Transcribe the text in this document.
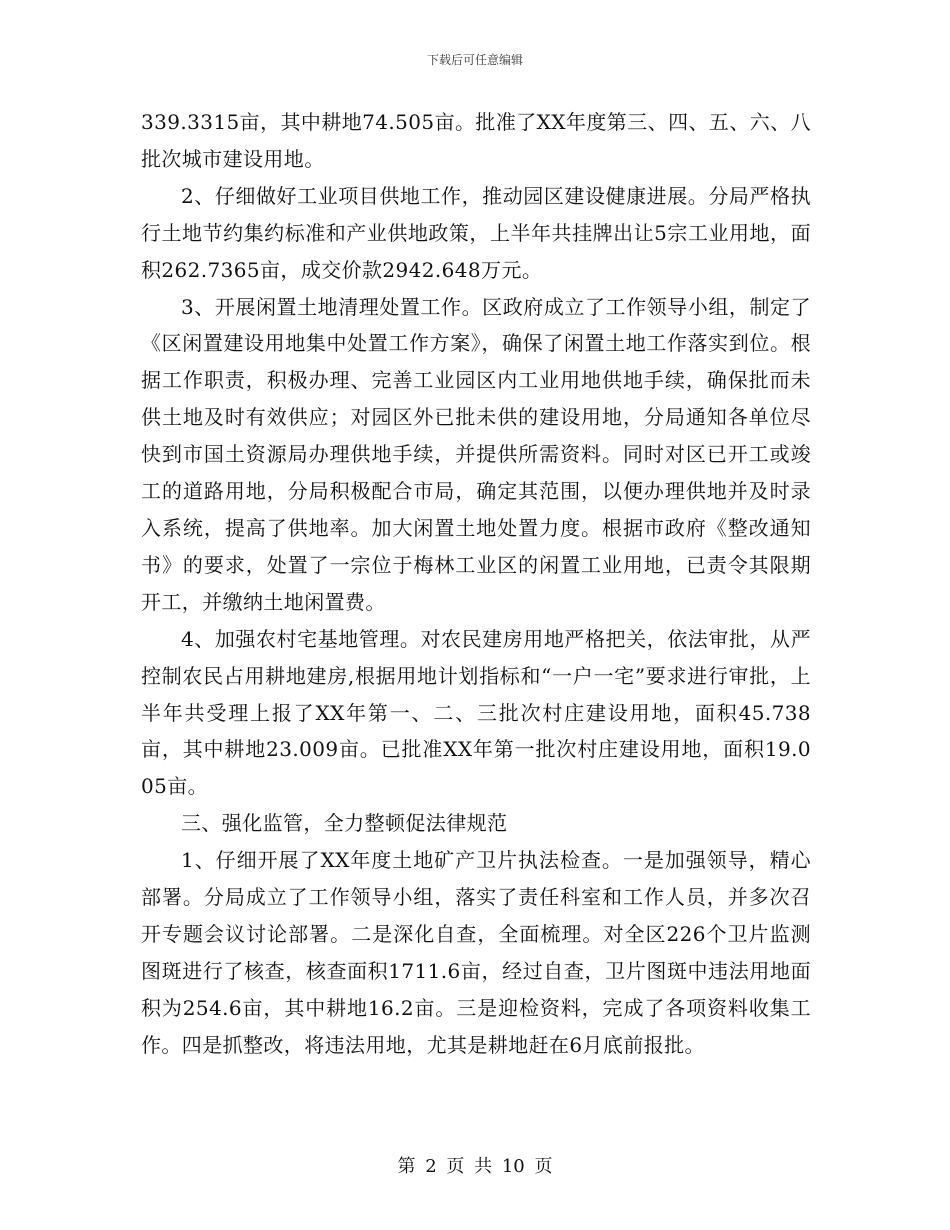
下载后可任意编辑

339.3315亩，其中耕地74.505亩。批准了XX年度第三、四、五、六、八批次城市建设用地。

2、仔细做好工业项目供地工作，推动园区建设健康进展。分局严格执行土地节约集约标准和产业供地政策，上半年共挂牌出让5宗工业用地，面积262.7365亩，成交价款2942.648万元。

3、开展闲置土地清理处置工作。区政府成立了工作领导小组，制定了《区闲置建设用地集中处置工作方案》，确保了闲置土地工作落实到位。根据工作职责，积极办理、完善工业园区内工业用地供地手续，确保批而未供土地及时有效供应；对园区外已批未供的建设用地，分局通知各单位尽快到市国土资源局办理供地手续，并提供所需资料。同时对区已开工或竣工的道路用地，分局积极配合市局，确定其范围，以便办理供地并及时录入系统，提高了供地率。加大闲置土地处置力度。根据市政府《整改通知书》的要求，处置了一宗位于梅林工业区的闲置工业用地，已责令其限期开工，并缴纳土地闲置费。

4、加强农村宅基地管理。对农民建房用地严格把关，依法审批，从严控制农民占用耕地建房,根据用地计划指标和“一户一宅”要求进行审批，上半年共受理上报了XX年第一、二、三批次村庄建设用地，面积45.738亩，其中耕地23.009亩。已批准XX年第一批次村庄建设用地，面积19.005亩。

三、强化监管，全力整顿促法律规范

1、仔细开展了XX年度土地矿产卫片执法检查。一是加强领导，精心部署。分局成立了工作领导小组，落实了责任科室和工作人员，并多次召开专题会议讨论部署。二是深化自查，全面梳理。对全区226个卫片监测图斑进行了核查，核查面积1711.6亩，经过自查，卫片图斑中违法用地面积为254.6亩，其中耕地16.2亩。三是迎检资料，完成了各项资料收集工作。四是抓整改，将违法用地，尤其是耕地赶在6月底前报批。

第 2 页 共 10 页
